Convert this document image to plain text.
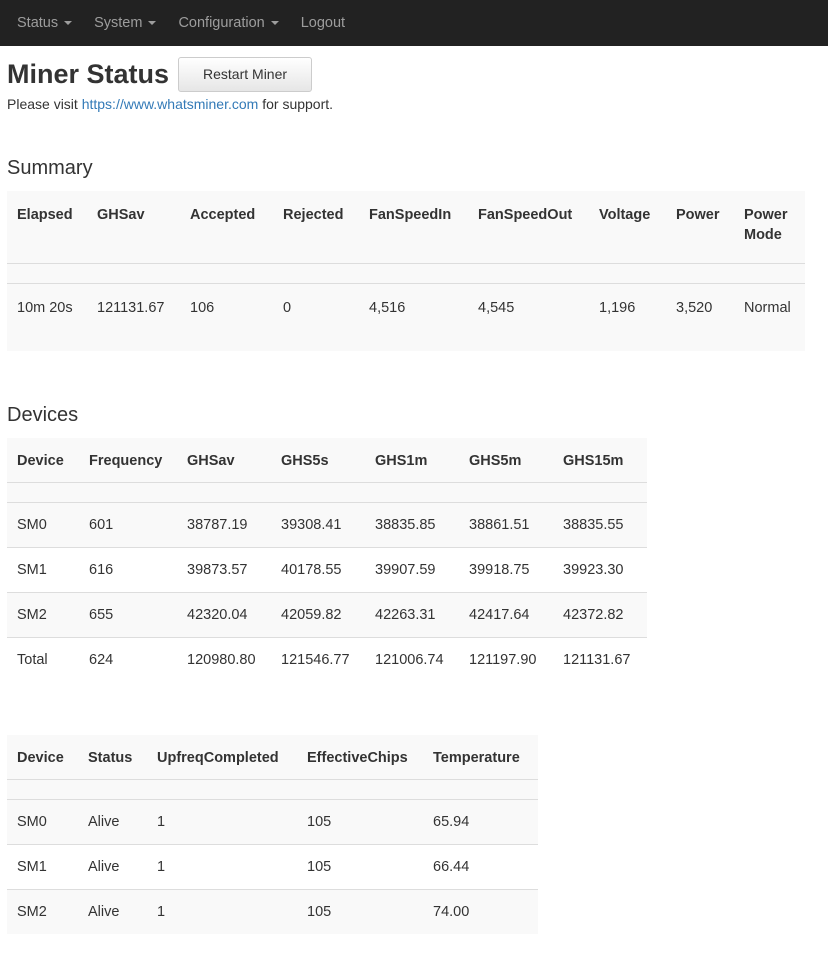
Status System Configuration Logout
Miner Status	Restart Miner

Please visit https://www.whatsminer.com for support.

Summary
Elapsed	GHSav	Accepted	Rejected	FanSpeedIn	FanSpeedOut	Voltage	Power	Power Mode

10m 20s	121131.67	106	0	4,516	4,545	1,196	3,520	Normal
Devices
Device	Frequency	GHSav	GHS5s	GHS1m	GHS5m	GHS15m

SM0	601	38787.19	39308.41	38835.85	38861.51	38835.55
SM1	616	39873.57	40178.55	39907.59	39918.75	39923.30
SM2	655	42320.04	42059.82	42263.31	42417.64	42372.82
Total	624	120980.80	121546.77	121006.74	121197.90	121131.67
Device	Status	UpfreqCompleted	EffectiveChips	Temperature

SM0	Alive	1	105	65.94
SM1	Alive	1	105	66.44
SM2	Alive	1	105	74.00
